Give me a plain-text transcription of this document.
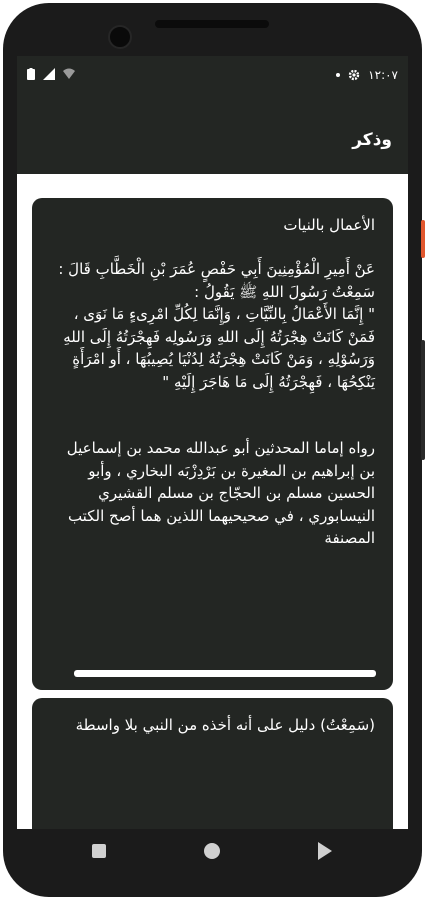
١٢:٠٧
وذكر
الأعمال بالنيات
عَنْ أَمِيرِ الْمُؤْمِنِينَ أَبِي حَفْصٍ عُمَرَ بْنِ الْخَطَّابِ قَالَ : سَمِعْتُ رَسُولَ اللهِ ﷺ يَقُولُ :
" إِنَّمَا الأَعْمَالُ بِالنِّيَّاتِ ، وَإِنَّمَا لِكُلِّ امْرِىءٍ مَا نَوَى ، فَمَنْ كَانَتْ هِجْرَتُهُ إِلَى اللهِ وَرَسُولِه فَهِجْرَتُهُ إِلَى اللهِ وَرَسُوْلِهِ ، وَمَنْ كَانَتْ هِجْرَتُهُ لِدُنْيَا يُصِيبُهَا ، أَو امْرَأَةٍ يَنْكِحُهَا ، فَهِجْرَتُهُ إِلَى مَا هَاجَرَ إِلَيْهِ "
رواه إماما المحدثين أبو عبدالله محمد بن إسماعيل بن إبراهيم بن المغيرة بن بَرْدِزْبَه البخاري ، وأبو الحسين مسلم بن الحجّاج بن مسلم القشيري النيسابوري ، في صحيحيهما اللذين هما أصح الكتب المصنفة
(سَمِعْتُ) دليل على أنه أخذه من النبي بلا واسطة
